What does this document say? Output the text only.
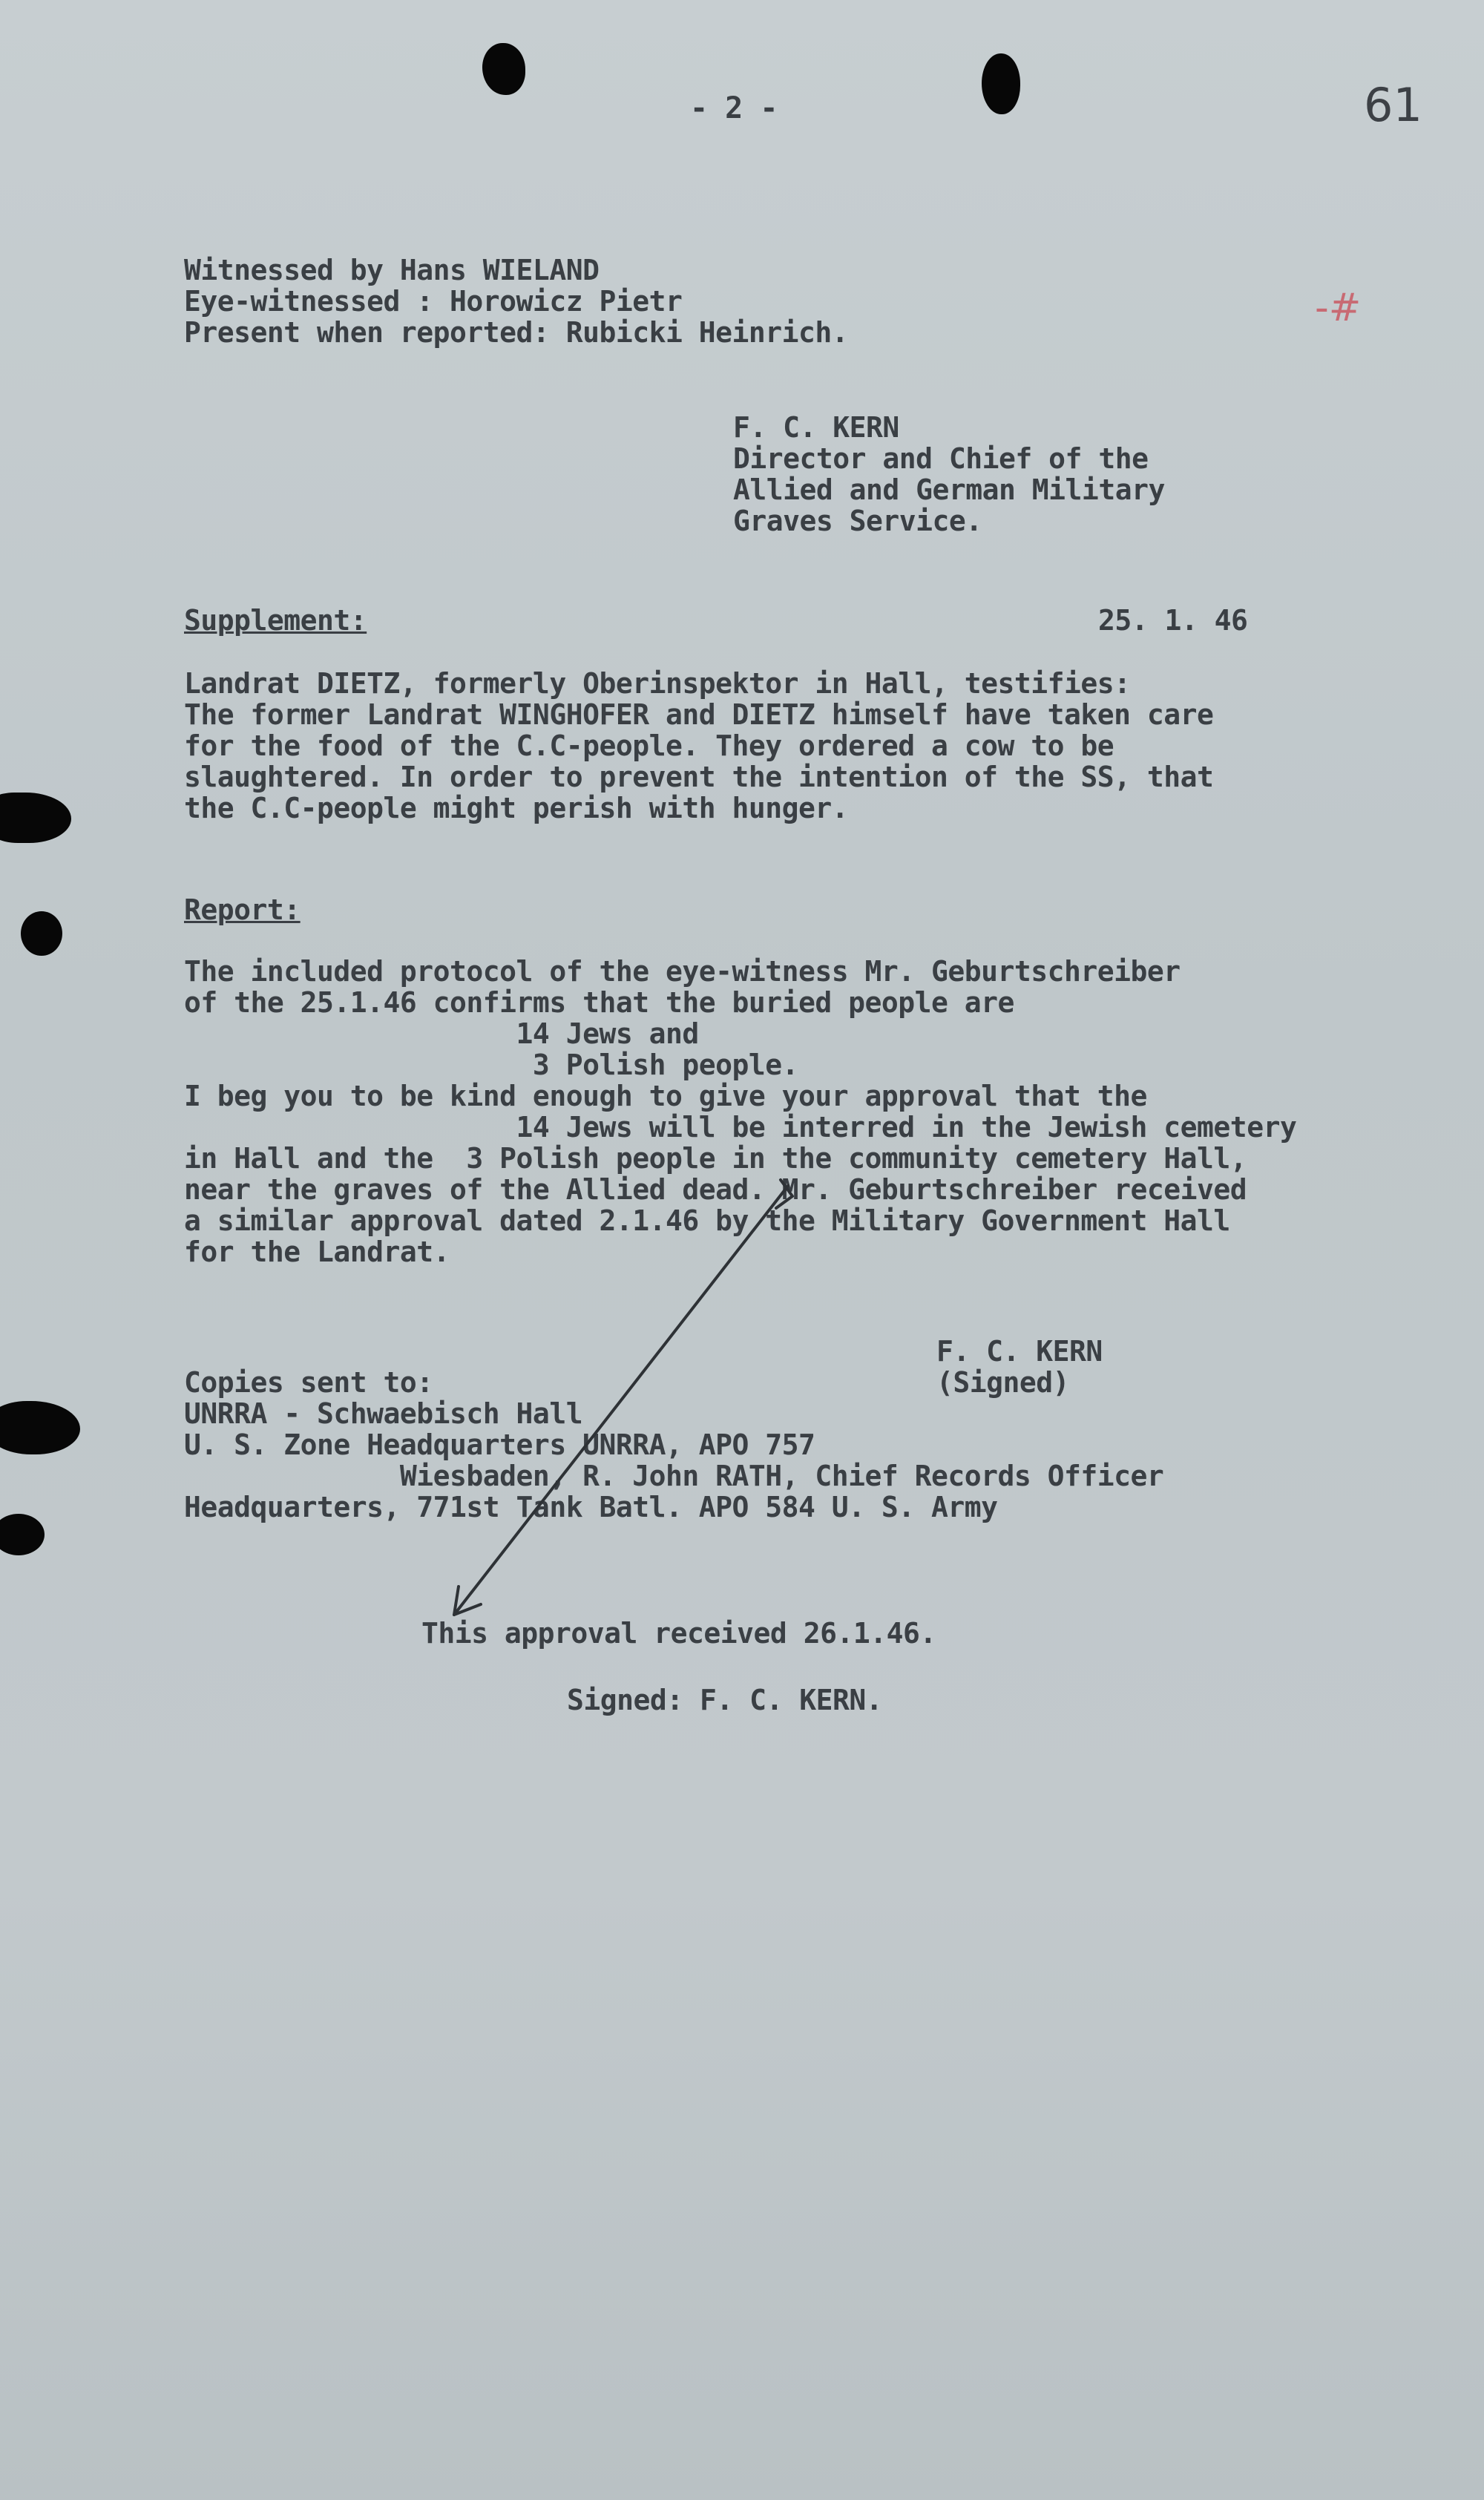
- 2 -	61
-#
Witnessed by Hans WIELAND
Eye-witnessed : Horowicz Pietr
Present when reported: Rubicki Heinrich.
F. C. KERN
Director and Chief of the
Allied and German Military
Graves Service.
Supplement:	25. 1. 46
Landrat DIETZ, formerly Oberinspektor in Hall, testifies:
The former Landrat WINGHOFER and DIETZ himself have taken care
for the food of the C.C-people. They ordered a cow to be
slaughtered. In order to prevent the intention of the SS, that
the C.C-people might perish with hunger.
Report:
The included protocol of the eye-witness Mr. Geburtschreiber
of the 25.1.46 confirms that the buried people are
14 Jews and
3 Polish people.
I beg you to be kind enough to give your approval that the
14 Jews will be interred in the Jewish cemetery
in Hall and the  3 Polish people in the community cemetery Hall,
near the graves of the Allied dead. Mr. Geburtschreiber received
a similar approval dated 2.1.46 by the Military Government Hall
for the Landrat.
F. C. KERN
(Signed)
Copies sent to:
UNRRA - Schwaebisch Hall
U. S. Zone Headquarters UNRRA, APO 757
Wiesbaden, R. John RATH, Chief Records Officer
Headquarters, 771st Tank Batl. APO 584 U. S. Army
This approval received 26.1.46.
Signed: F. C. KERN.
